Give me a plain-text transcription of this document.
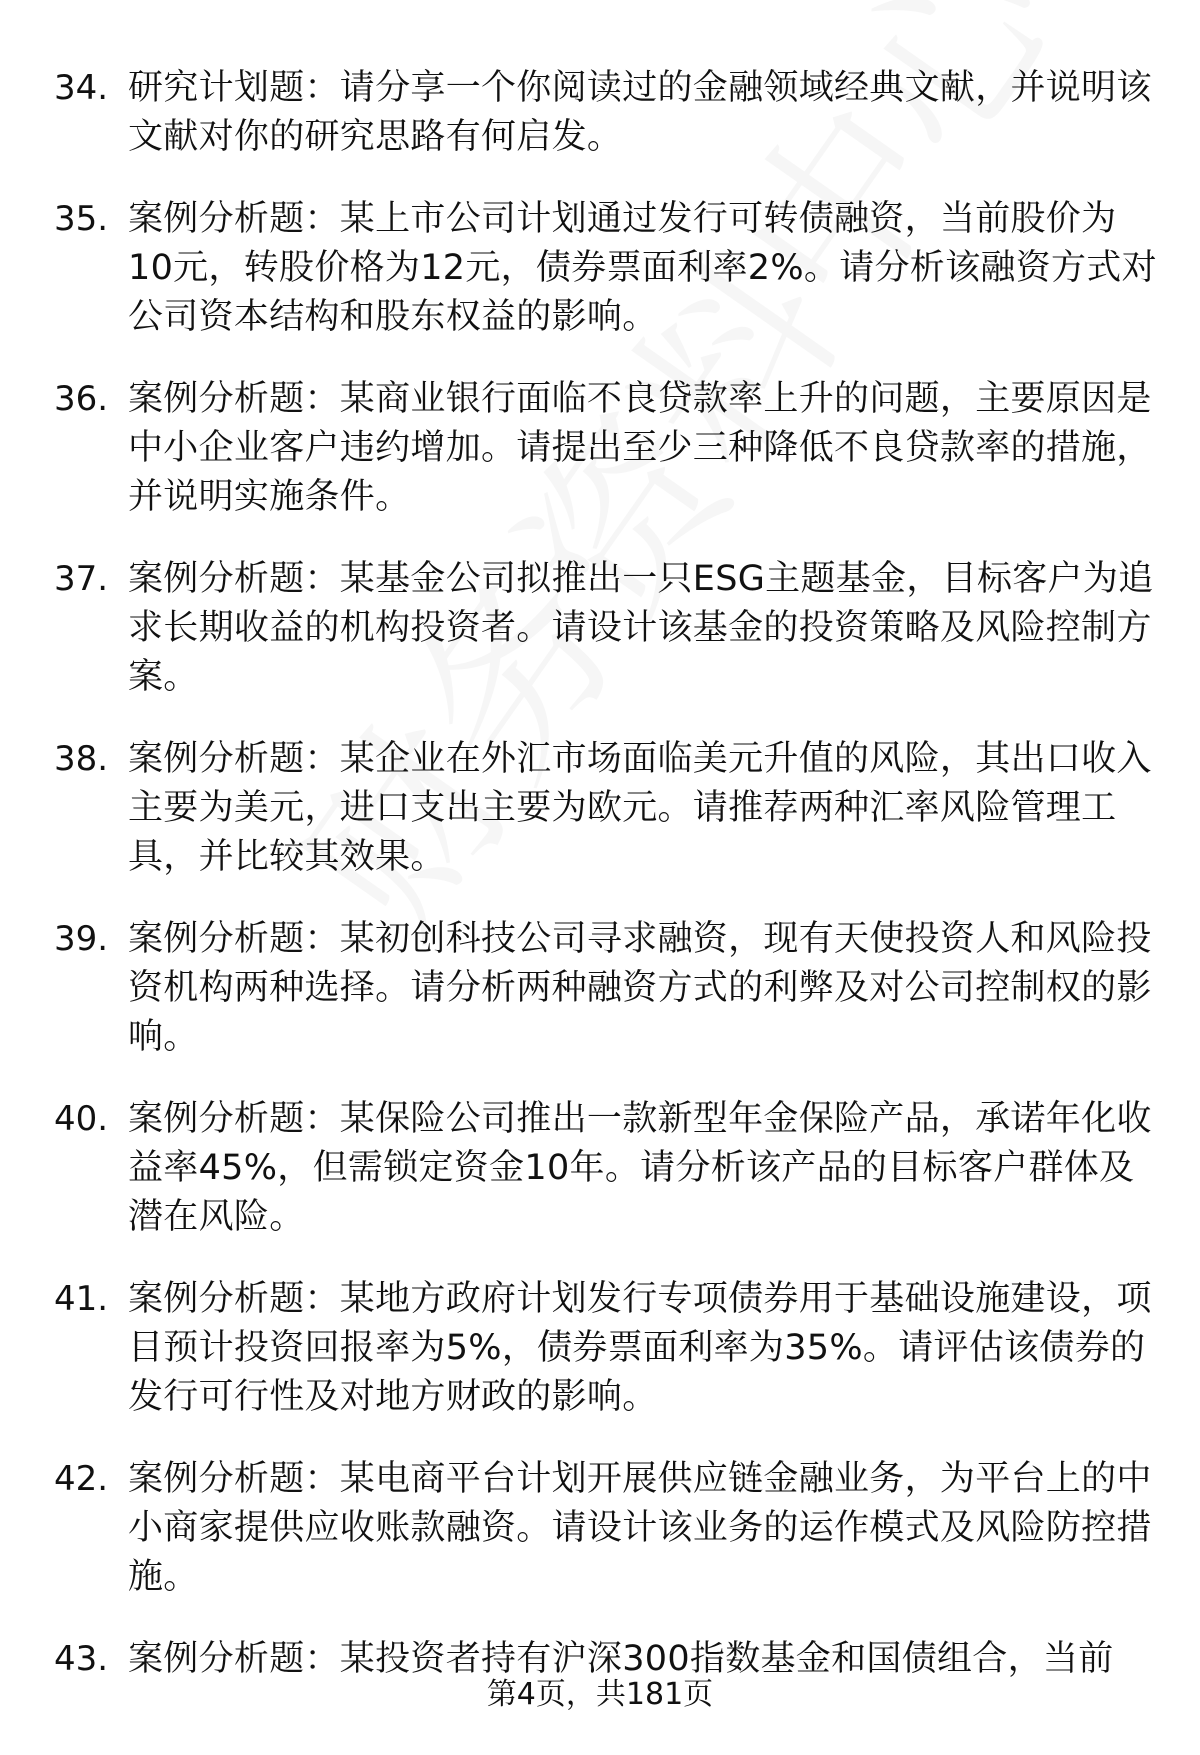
34. 研究计划题：请分享一个你阅读过的金融领域经典文献，并说明该文献对你的研究思路有何启发。
35. 案例分析题：某上市公司计划通过发行可转债融资，当前股价为10元，转股价格为12元，债券票面利率2%。请分析该融资方式对公司资本结构和股东权益的影响。
36. 案例分析题：某商业银行面临不良贷款率上升的问题，主要原因是中小企业客户违约增加。请提出至少三种降低不良贷款率的措施，并说明实施条件。
37. 案例分析题：某基金公司拟推出一只ESG主题基金，目标客户为追求长期收益的机构投资者。请设计该基金的投资策略及风险控制方案。
38. 案例分析题：某企业在外汇市场面临美元升值的风险，其出口收入主要为美元，进口支出主要为欧元。请推荐两种汇率风险管理工具，并比较其效果。
39. 案例分析题：某初创科技公司寻求融资，现有天使投资人和风险投资机构两种选择。请分析两种融资方式的利弊及对公司控制权的影响。
40. 案例分析题：某保险公司推出一款新型年金保险产品，承诺年化收益率45%，但需锁定资金10年。请分析该产品的目标客户群体及潜在风险。
41. 案例分析题：某地方政府计划发行专项债券用于基础设施建设，项目预计投资回报率为5%，债券票面利率为35%。请评估该债券的发行可行性及对地方财政的影响。
42. 案例分析题：某电商平台计划开展供应链金融业务，为平台上的中小商家提供应收账款融资。请设计该业务的运作模式及风险防控措施。
43. 案例分析题：某投资者持有沪深300指数基金和国债组合，当前
第4页，共181页
